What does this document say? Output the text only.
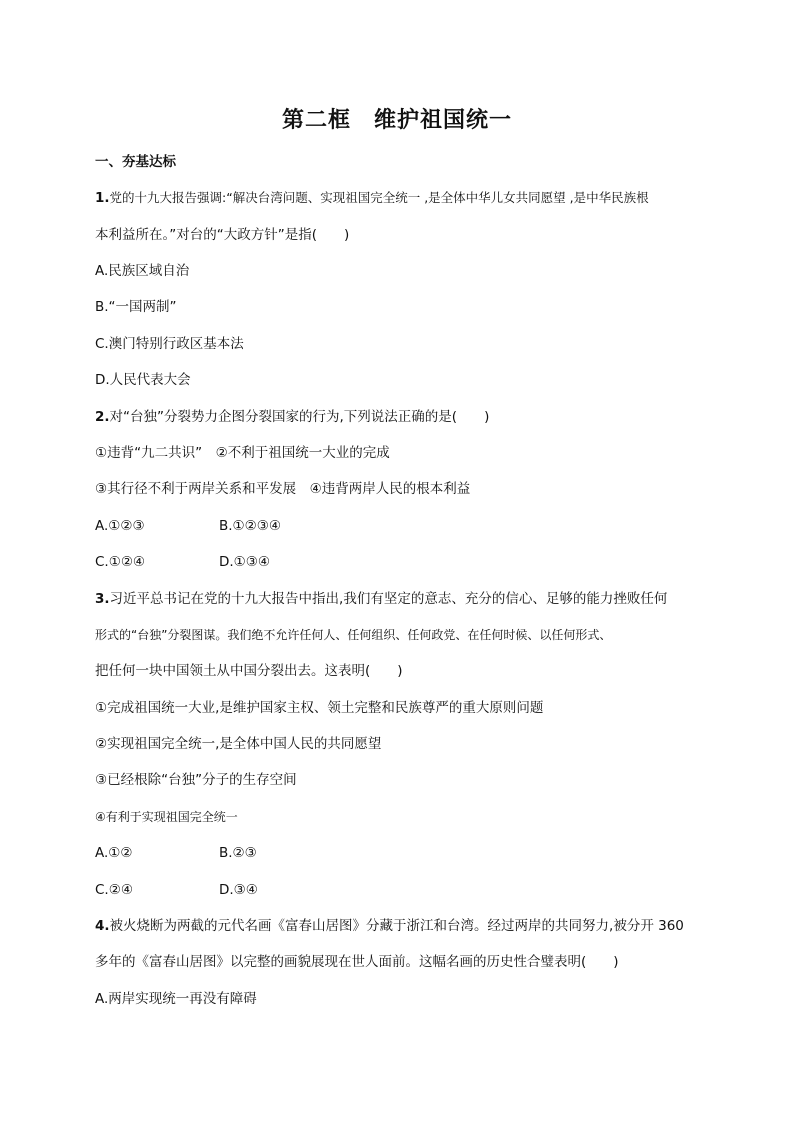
第二框　维护祖国统一
一、夯基达标
1.党的十九大报告强调:“解决台湾问题、实现祖国完全统一 ,是全体中华儿女共同愿望 ,是中华民族根
本利益所在。”对台的“大政方针”是指(　　)
A.民族区域自治
B.“一国两制”
C.澳门特别行政区基本法
D.人民代表大会
2.对“台独”分裂势力企图分裂国家的行为,下列说法正确的是(　　)
①违背“九二共识”　②不利于祖国统一大业的完成
③其行径不利于两岸关系和平发展　④违背两岸人民的根本利益
A.①②③	B.①②③④
C.①②④	D.①③④
3.习近平总书记在党的十九大报告中指出,我们有坚定的意志、充分的信心、足够的能力挫败任何
形式的“台独”分裂图谋。我们绝不允许任何人、任何组织、任何政党、在任何时候、以任何形式、
把任何一块中国领土从中国分裂出去。这表明(　　)
①完成祖国统一大业,是维护国家主权、领土完整和民族尊严的重大原则问题
②实现祖国完全统一,是全体中国人民的共同愿望
③已经根除“台独”分子的生存空间
④有利于实现祖国完全统一
A.①②	B.②③
C.②④	D.③④
4.被火烧断为两截的元代名画《富春山居图》分藏于浙江和台湾。经过两岸的共同努力,被分开 360
多年的《富春山居图》以完整的画貌展现在世人面前。这幅名画的历史性合璧表明(　　)
A.两岸实现统一再没有障碍
